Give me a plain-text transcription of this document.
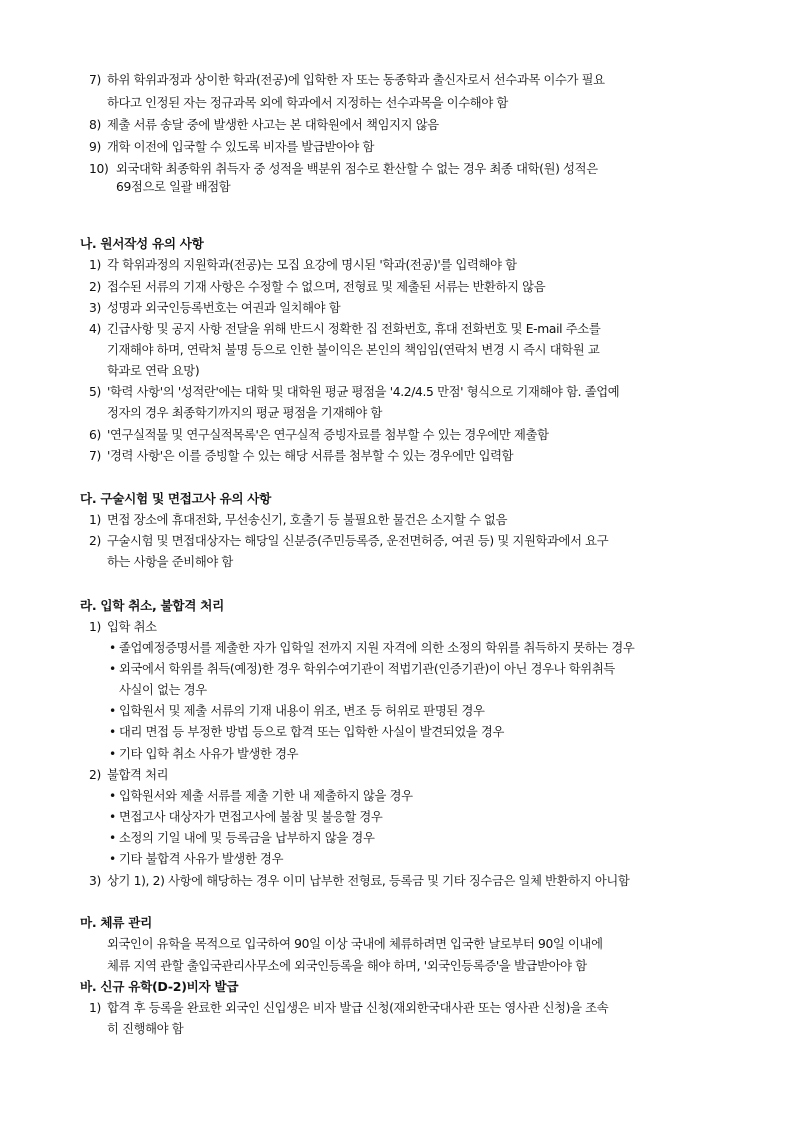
7) 하위 학위과정과 상이한 학과(전공)에 입학한 자 또는 동종학과 출신자로서 선수과목 이수가 필요
하다고 인정된 자는 정규과목 외에 학과에서 지정하는 선수과목을 이수해야 함
8) 제출 서류 송달 중에 발생한 사고는 본 대학원에서 책임지지 않음
9) 개학 이전에 입국할 수 있도록 비자를 발급받아야 함
10) 외국대학 최종학위 취득자 중 성적을 백분위 점수로 환산할 수 없는 경우 최종 대학(원) 성적은
69점으로 일괄 배점함
나. 원서작성 유의 사항
1) 각 학위과정의 지원학과(전공)는 모집 요강에 명시된 '학과(전공)'를 입력해야 함
2) 접수된 서류의 기재 사항은 수정할 수 없으며, 전형료 및 제출된 서류는 반환하지 않음
3) 성명과 외국인등록번호는 여권과 일치해야 함
4) 긴급사항 및 공지 사항 전달을 위해 반드시 정확한 집 전화번호, 휴대 전화번호 및 E-mail 주소를
기재해야 하며, 연락처 불명 등으로 인한 불이익은 본인의 책임임(연락처 변경 시 즉시 대학원 교
학과로 연락 요망)
5) '학력 사항'의 '성적란'에는 대학 및 대학원 평균 평점을 '4.2/4.5 만점' 형식으로 기재해야 함. 졸업예
정자의 경우 최종학기까지의 평균 평점을 기재해야 함
6) '연구실적물 및 연구실적목록'은 연구실적 증빙자료를 첨부할 수 있는 경우에만 제출함
7) '경력 사항'은 이를 증빙할 수 있는 해당 서류를 첨부할 수 있는 경우에만 입력함
다. 구술시험 및 면접고사 유의 사항
1) 면접 장소에 휴대전화, 무선송신기, 호출기 등 불필요한 물건은 소지할 수 없음
2) 구술시험 및 면접대상자는 해당일 신분증(주민등록증, 운전면허증, 여권 등) 및 지원학과에서 요구
하는 사항을 준비해야 함
라. 입학 취소, 불합격 처리
1) 입학 취소
• 졸업예정증명서를 제출한 자가 입학일 전까지 지원 자격에 의한 소정의 학위를 취득하지 못하는 경우
• 외국에서 학위를 취득(예정)한 경우 학위수여기관이 적법기관(인증기관)이 아닌 경우나 학위취득
사실이 없는 경우
• 입학원서 및 제출 서류의 기재 내용이 위조, 변조 등 허위로 판명된 경우
• 대리 면접 등 부정한 방법 등으로 합격 또는 입학한 사실이 발견되었을 경우
• 기타 입학 취소 사유가 발생한 경우
2) 불합격 처리
• 입학원서와 제출 서류를 제출 기한 내 제출하지 않을 경우
• 면접고사 대상자가 면접고사에 불참 및 불응할 경우
• 소정의 기일 내에 및 등록금을 납부하지 않을 경우
• 기타 불합격 사유가 발생한 경우
3) 상기 1), 2) 사항에 해당하는 경우 이미 납부한 전형료, 등록금 및 기타 징수금은 일체 반환하지 아니함
마. 체류 관리
외국인이 유학을 목적으로 입국하여 90일 이상 국내에 체류하려면 입국한 날로부터 90일 이내에
체류 지역 관할 출입국관리사무소에 외국인등록을 해야 하며, '외국인등록증'을 발급받아야 함
바. 신규 유학(D-2)비자 발급
1) 합격 후 등록을 완료한 외국인 신입생은 비자 발급 신청(재외한국대사관 또는 영사관 신청)을 조속
히 진행해야 함
